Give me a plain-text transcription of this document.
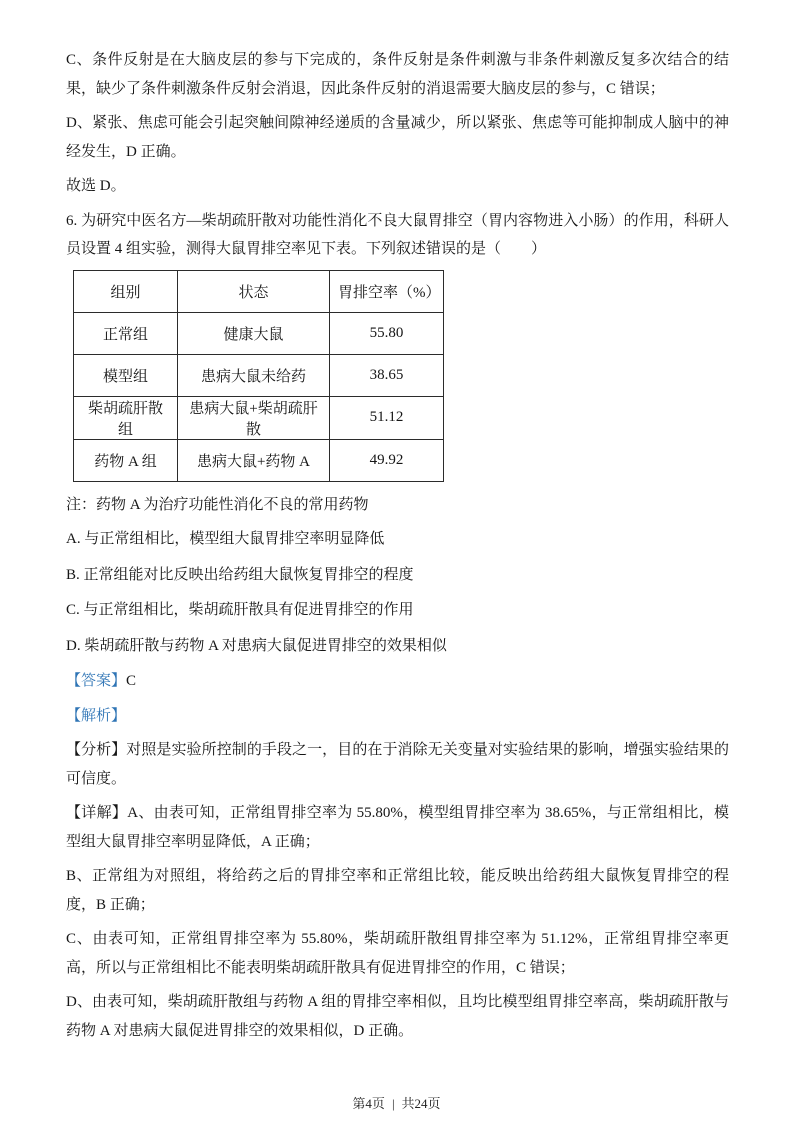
C、条件反射是在大脑皮层的参与下完成的，条件反射是条件刺激与非条件刺激反复多次结合的结果，缺少了条件刺激条件反射会消退，因此条件反射的消退需要大脑皮层的参与，C 错误；

D、紧张、焦虑可能会引起突触间隙神经递质的含量减少，所以紧张、焦虑等可能抑制成人脑中的神经发生，D 正确。

故选 D。

6. 为研究中医名方—柴胡疏肝散对功能性消化不良大鼠胃排空（胃内容物进入小肠）的作用，科研人员设置 4 组实验，测得大鼠胃排空率见下表。下列叙述错误的是（　　）

组别	状态	胃排空率（%）
正常组	健康大鼠	55.80
模型组	患病大鼠未给药	38.65
柴胡疏肝散组	患病大鼠+柴胡疏肝散	51.12
药物 A 组	患病大鼠+药物 A	49.92

注：药物 A 为治疗功能性消化不良的常用药物

A. 与正常组相比，模型组大鼠胃排空率明显降低

B. 正常组能对比反映出给药组大鼠恢复胃排空的程度

C. 与正常组相比，柴胡疏肝散具有促进胃排空的作用

D. 柴胡疏肝散与药物 A 对患病大鼠促进胃排空的效果相似

【答案】C

【解析】

【分析】对照是实验所控制的手段之一，目的在于消除无关变量对实验结果的影响，增强实验结果的可信度。

【详解】A、由表可知，正常组胃排空率为 55.80%，模型组胃排空率为 38.65%，与正常组相比，模型组大鼠胃排空率明显降低，A 正确；

B、正常组为对照组，将给药之后的胃排空率和正常组比较，能反映出给药组大鼠恢复胃排空的程度，B 正确；

C、由表可知，正常组胃排空率为 55.80%，柴胡疏肝散组胃排空率为 51.12%，正常组胃排空率更高，所以与正常组相比不能表明柴胡疏肝散具有促进胃排空的作用，C 错误；

D、由表可知，柴胡疏肝散组与药物 A 组的胃排空率相似，且均比模型组胃排空率高，柴胡疏肝散与药物 A 对患病大鼠促进胃排空的效果相似，D 正确。

第4页 | 共24页
